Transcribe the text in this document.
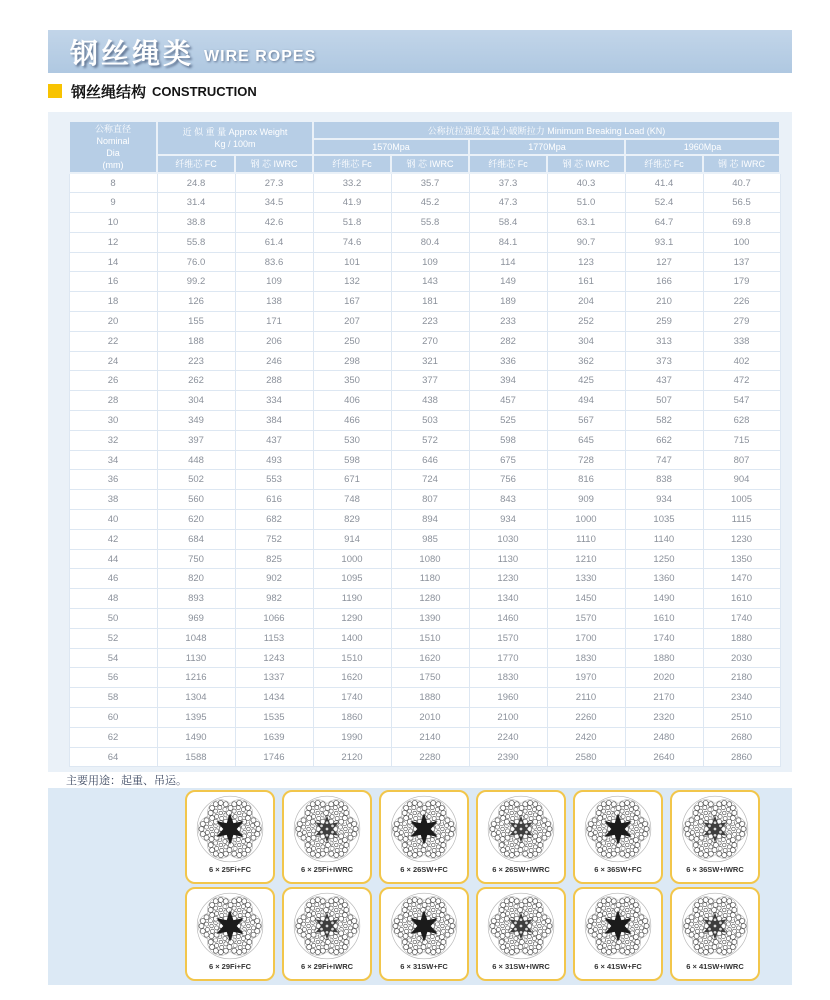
钢丝绳类 WIRE ROPES
钢丝绳结构 CONSTRUCTION
公称直径
Nominal
Dia
(mm)	近 似 重 量 Approx Weight
Kg / 100m		公称抗拉强度及最小破断拉力 Minimum Breaking Load (KN)					
			1570Mpa		1770Mpa		1960Mpa	
	纤维芯 FC	钢 芯 IWRC	纤维芯 Fc	钢 芯 IWRC	纤维芯 Fc	钢 芯 IWRC	纤维芯 Fc	钢 芯 IWRC
8	24.8	27.3	33.2	35.7	37.3	40.3	41.4	40.7
9	31.4	34.5	41.9	45.2	47.3	51.0	52.4	56.5
10	38.8	42.6	51.8	55.8	58.4	63.1	64.7	69.8
12	55.8	61.4	74.6	80.4	84.1	90.7	93.1	100
14	76.0	83.6	101	109	114	123	127	137
16	99.2	109	132	143	149	161	166	179
18	126	138	167	181	189	204	210	226
20	155	171	207	223	233	252	259	279
22	188	206	250	270	282	304	313	338
24	223	246	298	321	336	362	373	402
26	262	288	350	377	394	425	437	472
28	304	334	406	438	457	494	507	547
30	349	384	466	503	525	567	582	628
32	397	437	530	572	598	645	662	715
34	448	493	598	646	675	728	747	807
36	502	553	671	724	756	816	838	904
38	560	616	748	807	843	909	934	1005
40	620	682	829	894	934	1000	1035	1115
42	684	752	914	985	1030	1110	1140	1230
44	750	825	1000	1080	1130	1210	1250	1350
46	820	902	1095	1180	1230	1330	1360	1470
48	893	982	1190	1280	1340	1450	1490	1610
50	969	1066	1290	1390	1460	1570	1610	1740
52	1048	1153	1400	1510	1570	1700	1740	1880
54	1130	1243	1510	1620	1770	1830	1880	2030
56	1216	1337	1620	1750	1830	1970	2020	2180
58	1304	1434	1740	1880	1960	2110	2170	2340
60	1395	1535	1860	2010	2100	2260	2320	2510
62	1490	1639	1990	2140	2240	2420	2480	2680
64	1588	1746	2120	2280	2390	2580	2640	2860
主要用途：起重、吊运。
6 × 25Fi+FC	6 × 25Fi+IWRC	6 × 26SW+FC	6 × 26SW+IWRC	6 × 36SW+FC	6 × 36SW+IWRC
6 × 29Fi+FC	6 × 29Fi+IWRC	6 × 31SW+FC	6 × 31SW+IWRC	6 × 41SW+FC	6 × 41SW+IWRC
